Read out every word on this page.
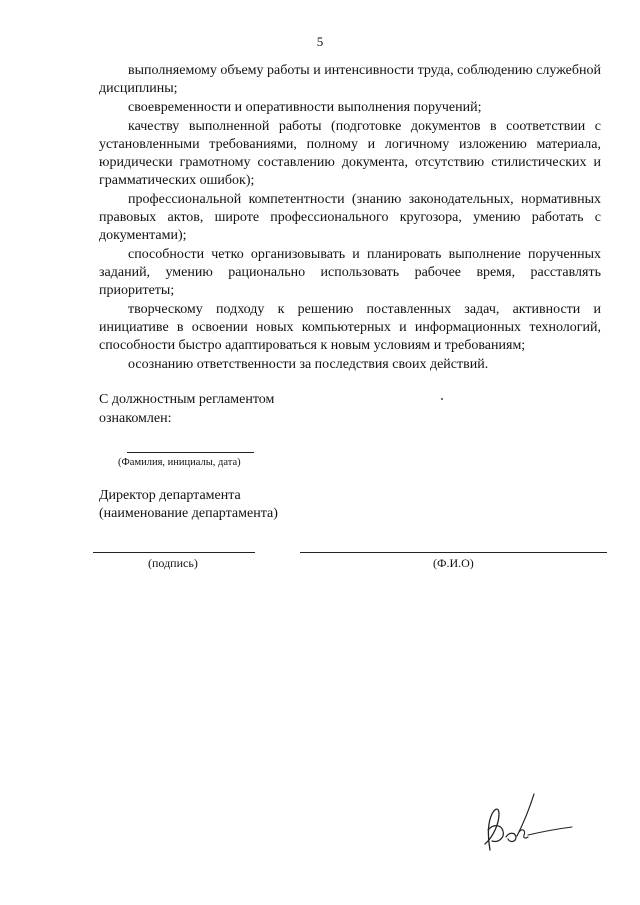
5

выполняемому объему работы и интенсивности труда, соблюдению служебной дисциплины;

своевременности и оперативности выполнения поручений;

качеству выполненной работы (подготовке документов в соответствии с установленными требованиями, полному и логичному изложению материала, юридически грамотному составлению документа, отсутствию стилистических и грамматических ошибок);

профессиональной компетентности (знанию законодательных, нормативных правовых актов, широте профессионального кругозора, умению работать с документами);

способности четко организовывать и планировать выполнение порученных заданий, умению рационально использовать рабочее время, расставлять приоритеты;

творческому подходу к решению поставленных задач, активности и инициативе в освоении новых компьютерных и информационных технологий, способности быстро адаптироваться к новым условиям и требованиям;

осознанию ответственности за последствия своих действий.

С должностным регламентом
ознакомлен:
(Фамилия, инициалы, дата)
Директор департамента
(наименование департамента)
(подпись)	(Ф.И.О)
